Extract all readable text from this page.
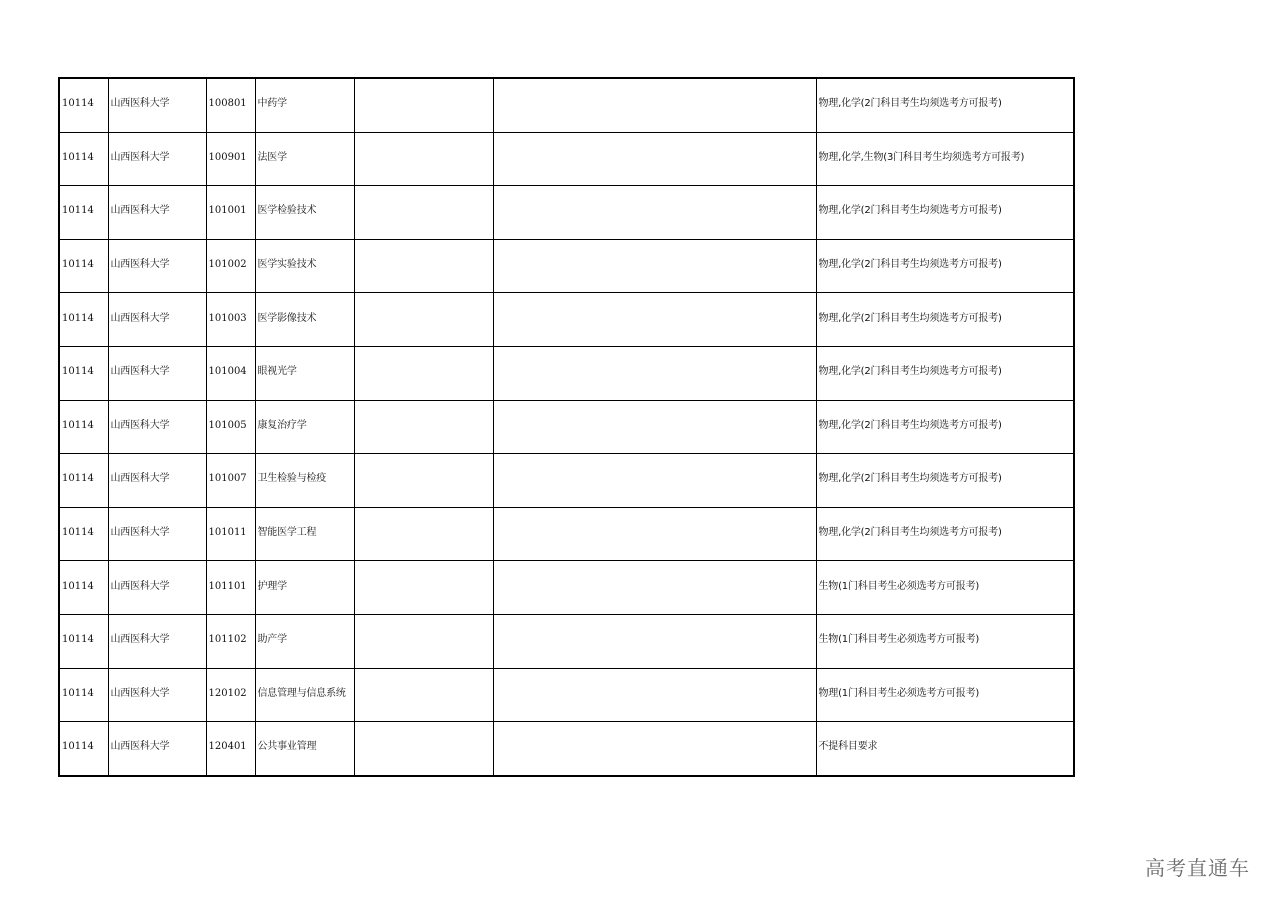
10114	山西医科大学	100801	中药学			物理,化学(2门科目考生均须选考方可报考)

10114	山西医科大学	100901	法医学			物理,化学,生物(3门科目考生均须选考方可报考)

10114	山西医科大学	101001	医学检验技术			物理,化学(2门科目考生均须选考方可报考)

10114	山西医科大学	101002	医学实验技术			物理,化学(2门科目考生均须选考方可报考)

10114	山西医科大学	101003	医学影像技术			物理,化学(2门科目考生均须选考方可报考)

10114	山西医科大学	101004	眼视光学			物理,化学(2门科目考生均须选考方可报考)

10114	山西医科大学	101005	康复治疗学			物理,化学(2门科目考生均须选考方可报考)

10114	山西医科大学	101007	卫生检验与检疫			物理,化学(2门科目考生均须选考方可报考)

10114	山西医科大学	101011	智能医学工程			物理,化学(2门科目考生均须选考方可报考)

10114	山西医科大学	101101	护理学			生物(1门科目考生必须选考方可报考)

10114	山西医科大学	101102	助产学			生物(1门科目考生必须选考方可报考)

10114	山西医科大学	120102	信息管理与信息系统			物理(1门科目考生必须选考方可报考)

10114	山西医科大学	120401	公共事业管理			不提科目要求
高考直通车
